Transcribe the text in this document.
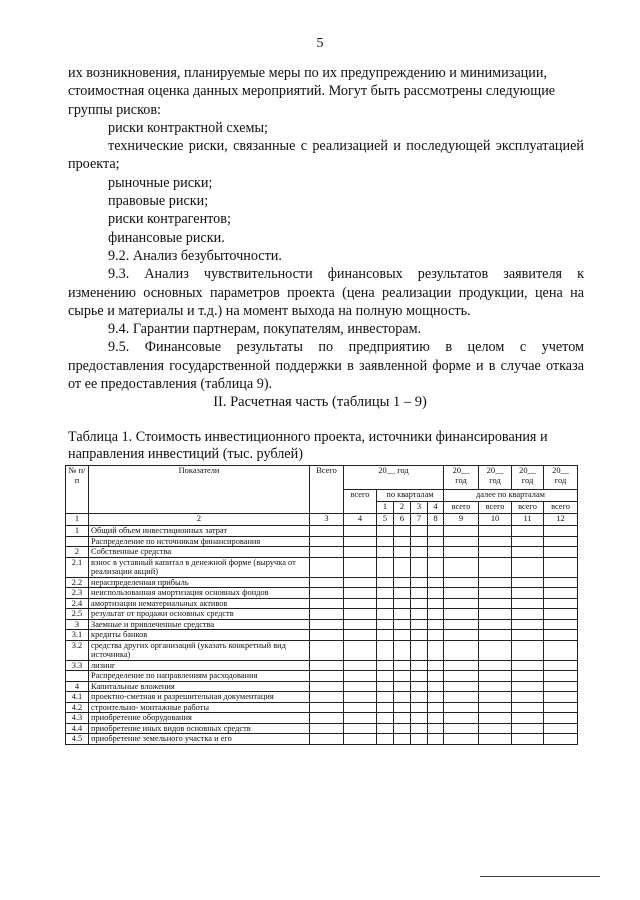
5
их возникновения, планируемые меры по их предупреждению и минимизации,
стоимостная оценка данных мероприятий. Могут быть рассмотрены следующие
группы рисков:
риски контрактной схемы;
технические риски, связанные с реализацией и последующей эксплуатацией проекта;
рыночные риски;
правовые риски;
риски контрагентов;
финансовые риски.
9.2. Анализ безубыточности.
9.3. Анализ чувствительности финансовых результатов заявителя к изменению основных параметров проекта (цена реализации продукции, цена на сырье и материалы и т.д.) на момент выхода на полную мощность.
9.4. Гарантии партнерам, покупателям, инвесторам.
9.5. Финансовые результаты по предприятию в целом с учетом предоставления государственной поддержки в заявленной форме и в случае отказа от ее предоставления (таблица 9).
II. Расчетная часть (таблицы 1 – 9)
Таблица 1. Стоимость инвестиционного проекта, источники финансирования и направления инвестиций (тыс. рублей)
№ п/п	Показатели	Всего	20__ год					20__ год	20__ год	20__ год	20__ год
			всего	по кварталам				далее по кварталам			
				1	2	3	4	всего	всего	всего	всего
1	2	3	4	5	6	7	8	9	10	11	12
1	Общий объем инвестиционных затрат										
	Распределение по источникам финансирования										
2	Собственные средства										
2.1	взнос в уставный капитал в денежной форме (выручка от реализации акций)										
2.2	нераспределенная прибыль										
2.3	неиспользованная амортизация основных фондов										
2.4	амортизация нематериальных активов										
2.5	результат от продажи основных средств										
3	Заемные и привлеченные средства										
3.1	кредиты банков										
3.2	средства других организаций (указать конкретный вид источника)										
3.3	лизинг										
	Распределение по направлениям расходования										
4	Капитальные вложения										
4.1	проектно-сметная и разрешительная документация										
4.2	строительно- монтажные работы										
4.3	приобретение оборудования										
4.4	приобретение иных видов основных средств										
4.5	приобретение земельного участка и его										
